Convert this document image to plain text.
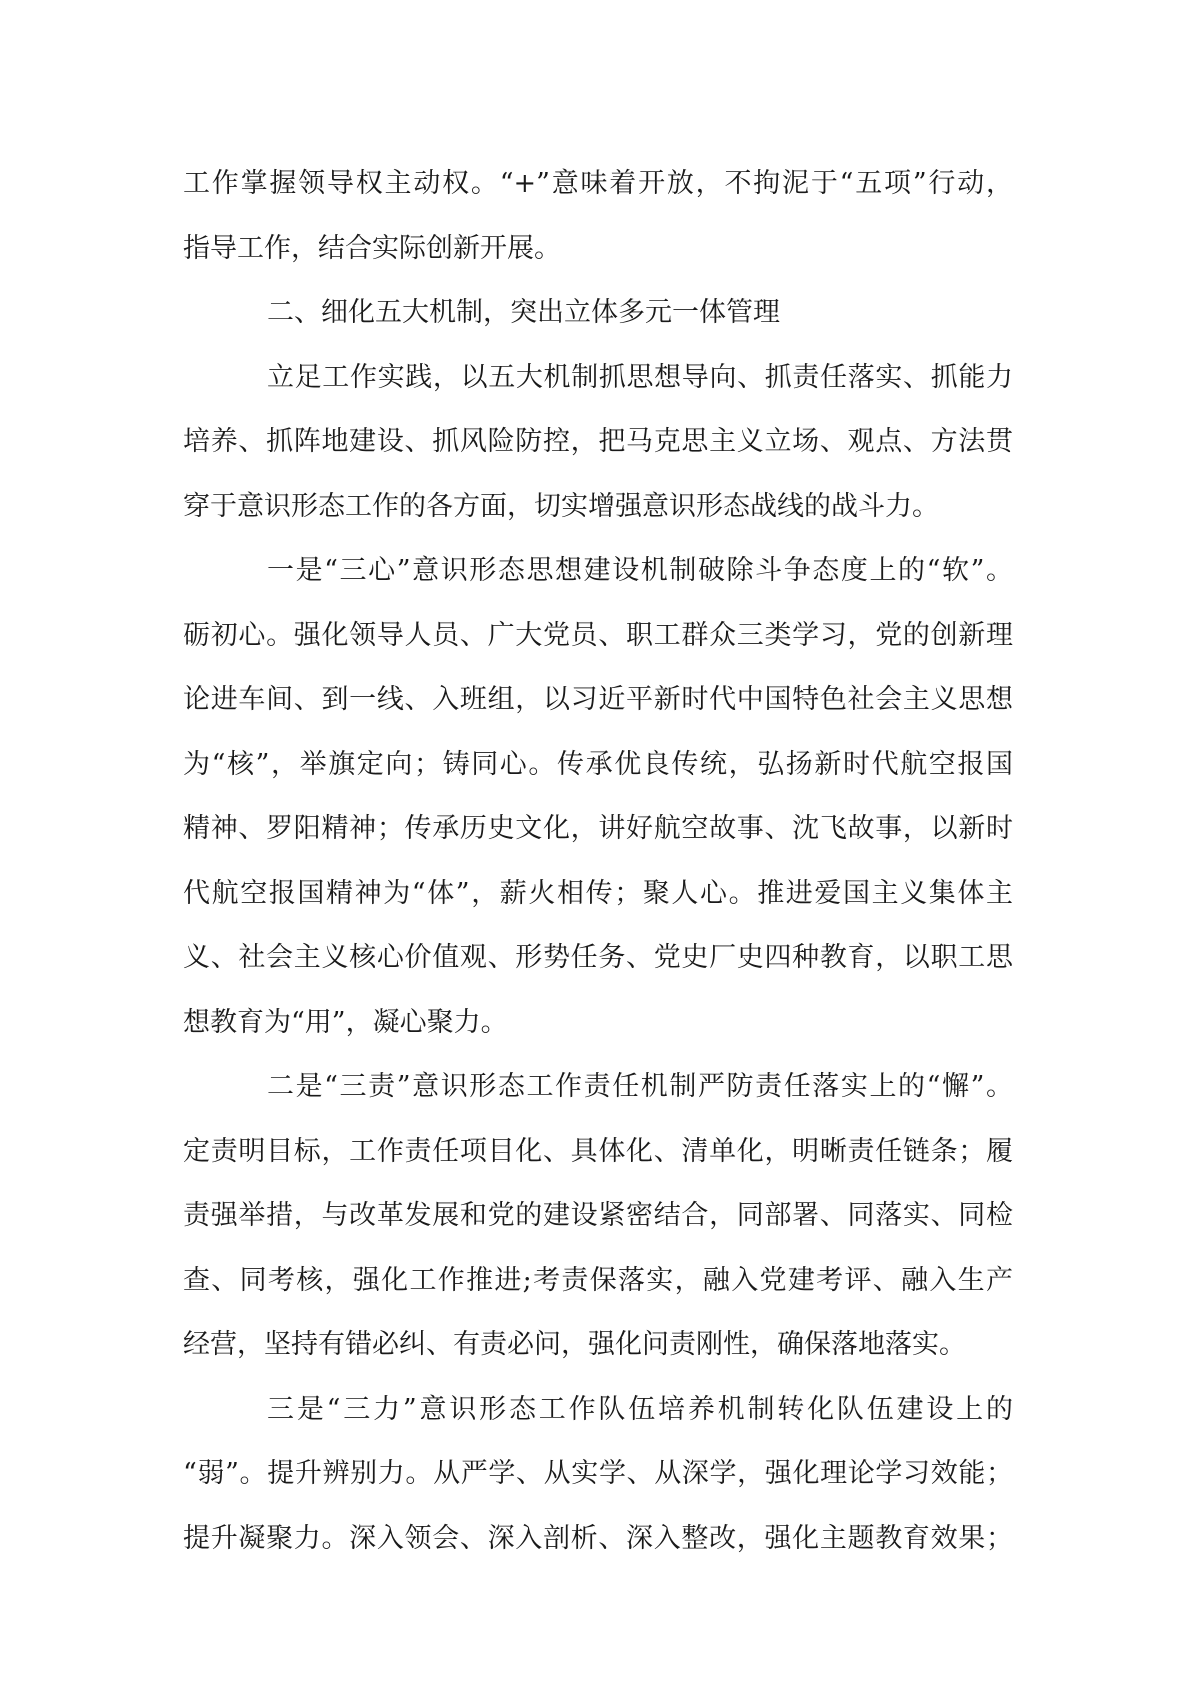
工作掌握领导权主动权。“+”意味着开放，不拘泥于“五项”行动，
指导工作，结合实际创新开展。

二、细化五大机制，突出立体多元一体管理

立足工作实践，以五大机制抓思想导向、抓责任落实、抓能力
培养、抓阵地建设、抓风险防控，把马克思主义立场、观点、方法贯
穿于意识形态工作的各方面，切实增强意识形态战线的战斗力。

一是“三心”意识形态思想建设机制破除斗争态度上的“软”。
砺初心。强化领导人员、广大党员、职工群众三类学习，党的创新理
论进车间、到一线、入班组，以习近平新时代中国特色社会主义思想
为“核”，举旗定向；铸同心。传承优良传统，弘扬新时代航空报国
精神、罗阳精神；传承历史文化，讲好航空故事、沈飞故事，以新时
代航空报国精神为“体”，薪火相传；聚人心。推进爱国主义集体主
义、社会主义核心价值观、形势任务、党史厂史四种教育，以职工思
想教育为“用”，凝心聚力。

二是“三责”意识形态工作责任机制严防责任落实上的“懈”。
定责明目标，工作责任项目化、具体化、清单化，明晰责任链条；履
责强举措，与改革发展和党的建设紧密结合，同部署、同落实、同检
查、同考核，强化工作推进;考责保落实，融入党建考评、融入生产
经营，坚持有错必纠、有责必问，强化问责刚性，确保落地落实。

三是“三力”意识形态工作队伍培养机制转化队伍建设上的
“弱”。提升辨别力。从严学、从实学、从深学，强化理论学习效能；
提升凝聚力。深入领会、深入剖析、深入整改，强化主题教育效果；
